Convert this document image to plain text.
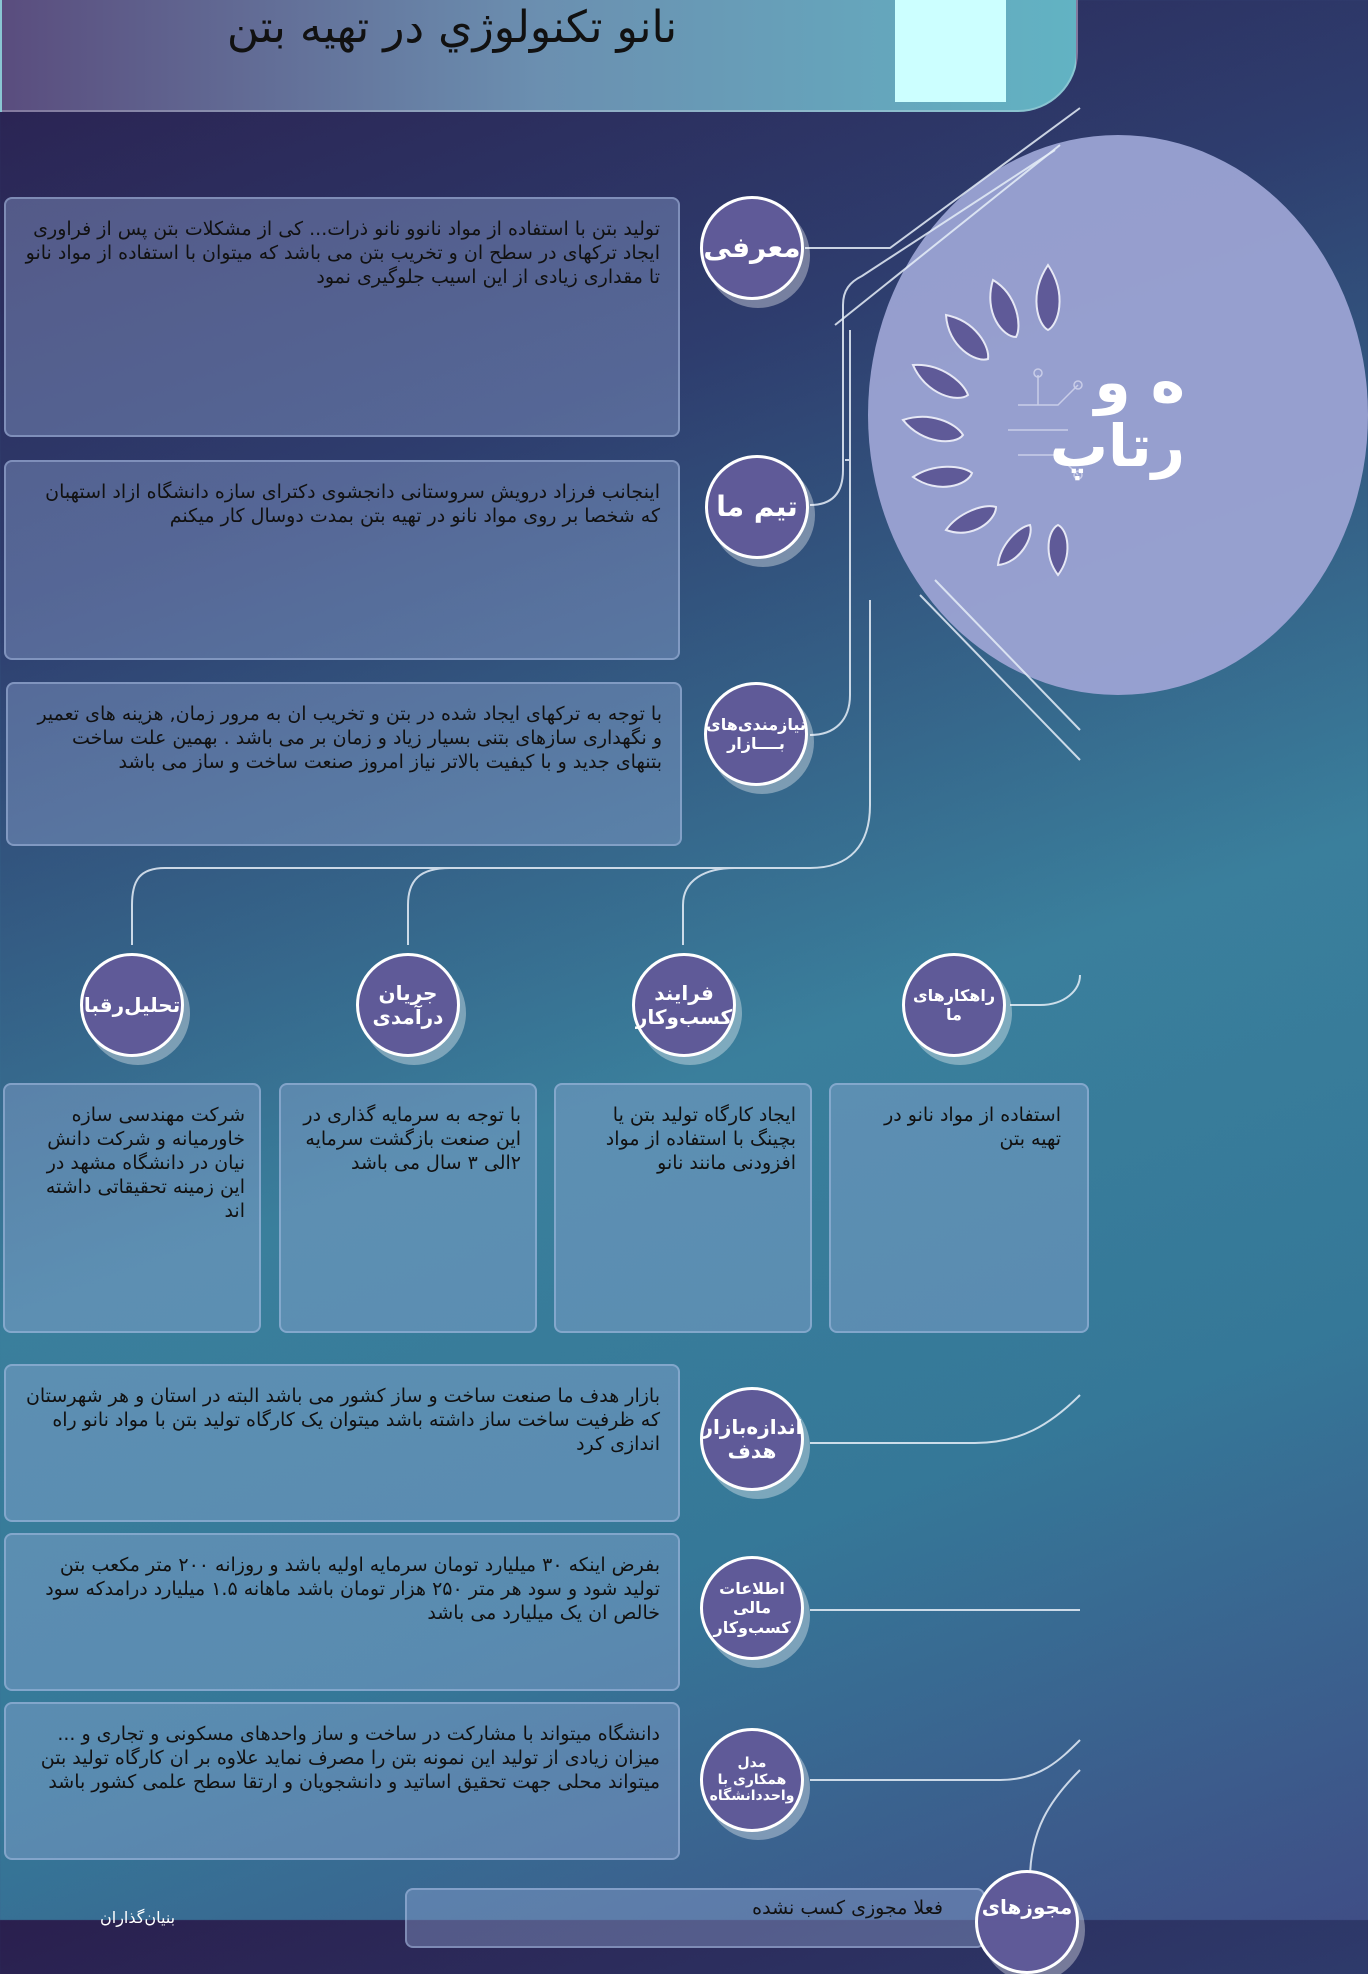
نانو تکنولوژي در تهيه بتن
ه و
رتاپ
تولید بتن با استفاده از مواد نانوو نانو ذرات... کی از مشکلات بتن پس از فراوری ایجاد ترکهای در سطح ان و تخریب بتن می باشد که میتوان با استفاده از مواد نانو تا مقداری زیادی از این اسیب جلوگیری نمود
معرفی
اینجانب فرزاد درویش سروستانی دانجشوی دکترای سازه دانشگاه ازاد استهبان که شخصا بر روی مواد نانو در تهیه بتن بمدت دوسال کار میکنم	تیم ما
با توجه به ترکهای ایجاد شده در بتن و تخریب ان به مرور زمان, هزینه های تعمیر و نگهداری سازهای بتنی بسیار زیاد و زمان بر می باشد . بهمین علت ساخت بتنهای جدید و با کیفیت بالاتر نیاز امروز صنعت ساخت و ساز می باشد
نیازمندی‌های بــــازار
راهکارهای ما
فرایند کسب‌وکار
جریان درآمدی
تحلیل‌رقبا
استفاده از مواد نانو در تهیه بتن
ایجاد کارگاه تولید بتن یا بچینگ با استفاده از مواد افزودنی مانند نانو
با توجه به سرمایه گذاری در این صنعت بازگشت سرمایه ۲الی ۳ سال می باشد
شرکت مهندسی سازه خاورمیانه و شرکت دانش نیان در دانشگاه مشهد در این زمینه تحقیقاتی داشته اند
بازار هدف ما صنعت ساخت و ساز کشور می باشد البته در استان و هر شهرستان که ظرفیت ساخت ساز داشته باشد میتوان یک کارگاه تولید بتن با مواد نانو راه اندازی کرد
اندازه‌بازار هدف
بفرض اینکه ۳۰ میلیارد تومان سرمایه اولیه باشد و روزانه ۲۰۰ متر مکعب بتن تولید شود و سود هر متر ۲۵۰ هزار تومان باشد ماهانه ۱.۵ میلیارد درامدکه سود خالص ان یک میلیارد می باشد
اطلاعات مالی کسب‌وکار
دانشگاه میتواند با مشارکت در ساخت و ساز واحدهای مسکونی و تجاری و ... میزان زیادی از تولید این نمونه بتن را مصرف نماید علاوه بر ان کارگاه تولید بتن میتواند محلی جهت تحقیق اساتید و دانشجویان و ارتقا سطح علمی کشور باشد
مدل همکاری با واحددانشگاه
فعلا مجوزی کسب نشده	مجوزهای
بنیان‌گذاران
